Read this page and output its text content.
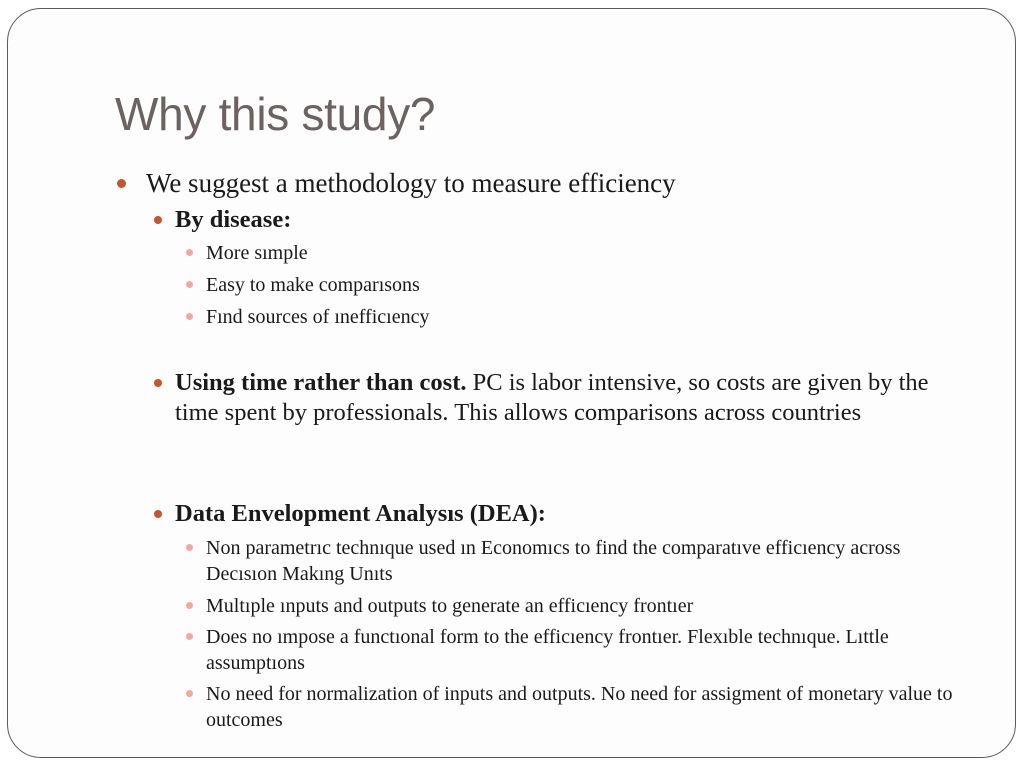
Why this study?
We suggest a methodology to measure efficiency
By disease:
More sımple
Easy to make comparısons
Fınd sources of ınefficıency
Using time rather than cost. PC is labor intensive, so costs are given by the time spent by professionals. This allows comparisons across countries
Data Envelopment Analysıs (DEA):
Non parametrıc technıque used ın Economıcs to find the comparatıve efficıency across Decısıon Makıng Unıts
Multıple ınputs and outputs to generate an efficıency frontıer
Does no ımpose a functıonal form to the efficıency frontıer. Flexıble technıque. Lıttle assumptıons
No need for normalization of inputs and outputs. No need for assigment of monetary value to outcomes
